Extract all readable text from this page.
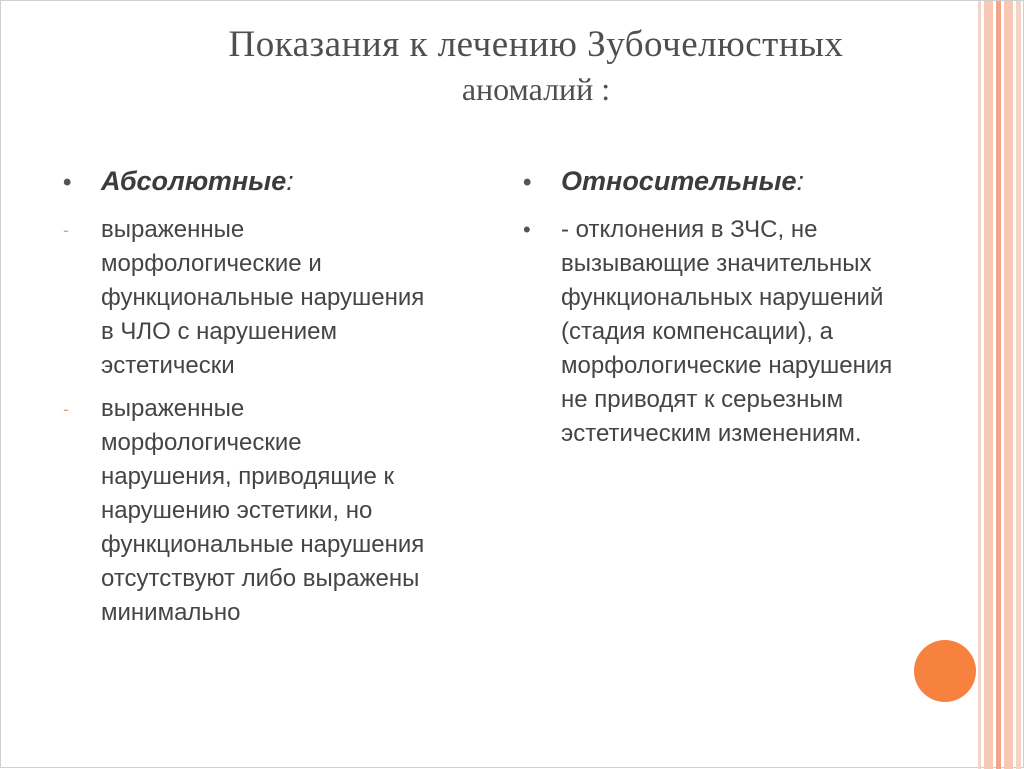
Показания к лечению Зубочелюстных
аномалий :
•	Абсолютные :
-	выраженные
морфологические и
функциональные нарушения
в ЧЛО с нарушением
эстетически
-	выраженные
морфологические
нарушения, приводящие к
нарушению эстетики, но
функциональные нарушения
отсутствуют либо выражены
минимально
•	Относительные :
•	- отклонения в ЗЧС, не
вызывающие значительных
функциональных нарушений
(стадия компенсации), а
морфологические нарушения
не приводят к серьезным
эстетическим изменениям.
